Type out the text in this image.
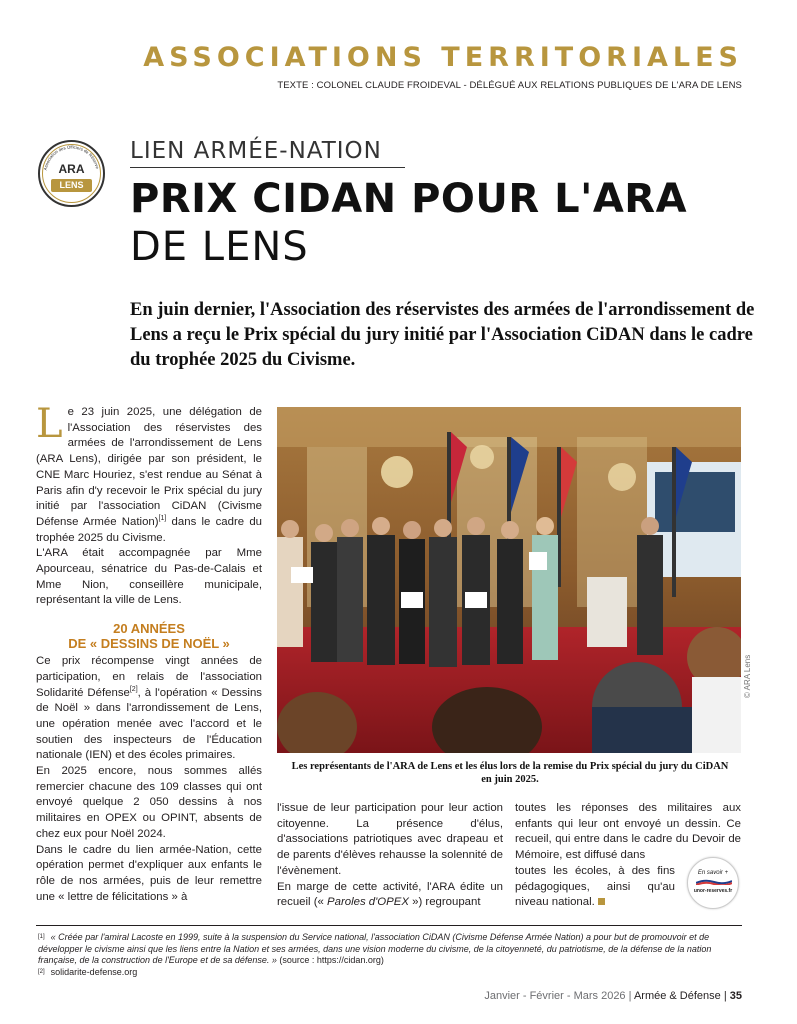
ASSOCIATIONS TERRITORIALES
TEXTE : COLONEL CLAUDE FROIDEVAL - DÉLÉGUÉ AUX RELATIONS PUBLIQUES DE L'ARA DE LENS
Association des Officiers de Réserve
ARA
LENS
LIEN ARMÉE-NATION
PRIX CIDAN POUR L'ARA
DE LENS
En juin dernier, l'Association des réservistes des armées de l'arrondissement de Lens a reçu le Prix spécial du jury initié par l'Association CiDAN dans le cadre du trophée 2025 du Civisme.

Le 23 juin 2025, une délégation de l'Association des réservistes des armées de l'arrondissement de Lens (ARA Lens), dirigée par son président, le CNE Marc Houriez, s'est rendue au Sénat à Paris afin d'y recevoir le Prix spécial du jury initié par l'association CiDAN (Civisme Défense Armée Nation)[1] dans le cadre du trophée 2025 du Civisme.

L'ARA était accompagnée par Mme Apourceau, sénatrice du Pas-de-Calais et Mme Nion, conseillère municipale, représentant la ville de Lens.

20 ANNÉES
DE « DESSINS DE NOËL »

Ce prix récompense vingt années de participation, en relais de l'association Solidarité Défense[2], à l'opération « Dessins de Noël » dans l'arrondissement de Lens, une opération menée avec l'accord et le soutien des inspecteurs de l'Éducation nationale (IEN) et des écoles primaires.

En 2025 encore, nous sommes allés remercier chacune des 109 classes qui ont envoyé quelque 2 050 dessins à nos militaires en OPEX ou OPINT, absents de chez eux pour Noël 2024.

Dans le cadre du lien armée-Nation, cette opération permet d'expliquer aux enfants le rôle de nos armées, puis de leur remettre une « lettre de félicitations » à

© ARA Lens
Les représentants de l'ARA de Lens et les élus lors de la remise du Prix spécial du jury du CiDAN en juin 2025.

l'issue de leur participation pour leur action citoyenne. La présence d'élus, d'associations patriotiques avec drapeau et de parents d'élèves rehausse la solennité de l'évènement.

En marge de cette activité, l'ARA édite un recueil (« Paroles d'OPEX ») regroupant

toutes les réponses des militaires aux enfants qui leur ont envoyé un dessin. Ce recueil, qui entre dans le cadre du Devoir de Mémoire, est diffusé dans

toutes les écoles, à des fins pédagogiques, ainsi qu'au niveau national.

En savoir +
unor-reserves.fr

[1] « Créée par l'amiral Lacoste en 1999, suite à la suspension du Service national, l'association CiDAN (Civisme Défense Armée Nation) a pour but de promouvoir et de développer le civisme ainsi que les liens entre la Nation et ses armées, dans une vision moderne du civisme, de la citoyenneté, du patriotisme, de la défense de la nation française, de la construction de l'Europe et de sa défense. » (source : https://cidan.org)

[2] solidarite-defense.org

Janvier - Février - Mars 2026 | Armée & Défense | 35
